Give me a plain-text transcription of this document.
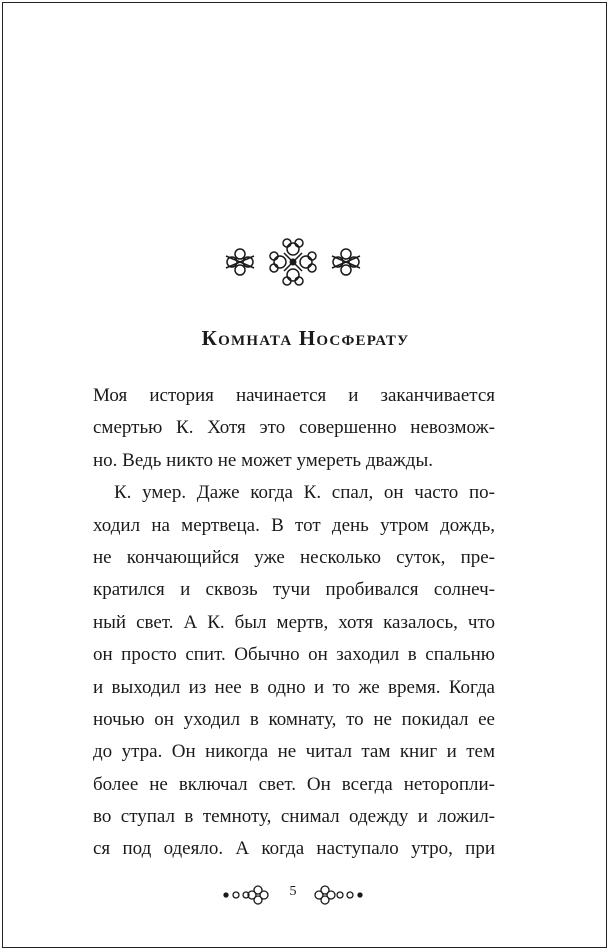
Комната Носферату
Моя история начинается и заканчивается
смертью К. Хотя это совершенно невозмож-
но. Ведь никто не может умереть дважды.
К. умер. Даже когда К. спал, он часто по-
ходил на мертвеца. В тот день утром дождь,
не кончающийся уже несколько суток, пре-
кратился и сквозь тучи пробивался солнеч-
ный свет. А К. был мертв, хотя казалось, что
он просто спит. Обычно он заходил в спальню
и выходил из нее в одно и то же время. Когда
ночью он уходил в комнату, то не покидал ее
до утра. Он никогда не читал там книг и тем
более не включал свет. Он всегда неторопли-
во ступал в темноту, снимал одежду и ложил-
ся под одеяло. А когда наступало утро, при
5
